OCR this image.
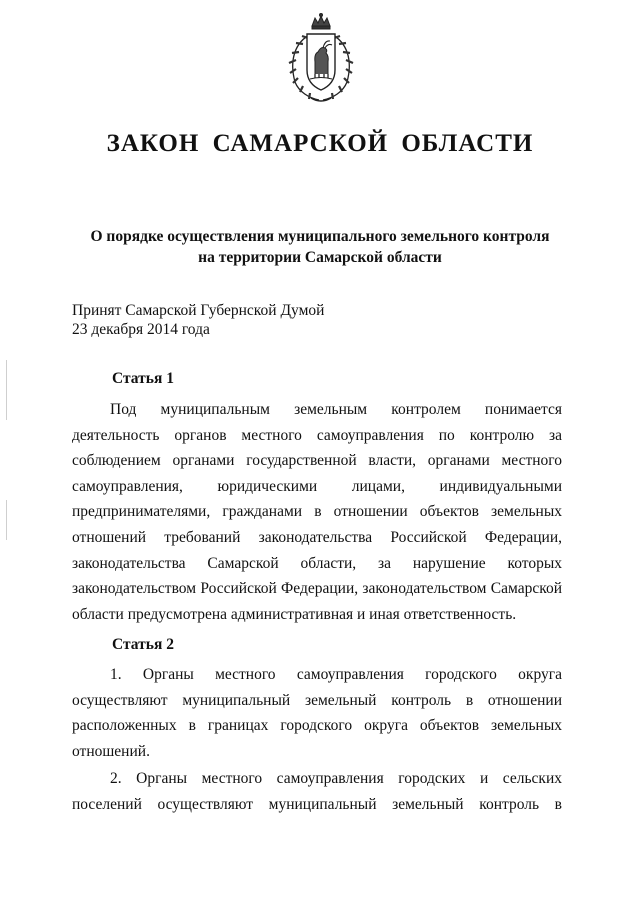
ЗАКОН САМАРСКОЙ ОБЛАСТИ
О порядке осуществления муниципального земельного контроля
на территории Самарской области
Принят Самарской Губернской Думой
23 декабря 2014 года
Статья 1
Под муниципальным земельным контролем понимается
деятельность органов местного самоуправления по контролю за
соблюдением органами государственной власти, органами местного
самоуправления, юридическими лицами, индивидуальными
предпринимателями, гражданами в отношении объектов земельных
отношений требований законодательства Российской Федерации,
законодательства Самарской области, за нарушение которых
законодательством Российской Федерации, законодательством Самарской
области предусмотрена административная и иная ответственность.
Статья 2
1. Органы местного самоуправления городского округа
осуществляют муниципальный земельный контроль в отношении
расположенных в границах городского округа объектов земельных
отношений.
2. Органы местного самоуправления городских и сельских
поселений осуществляют муниципальный земельный контроль в
